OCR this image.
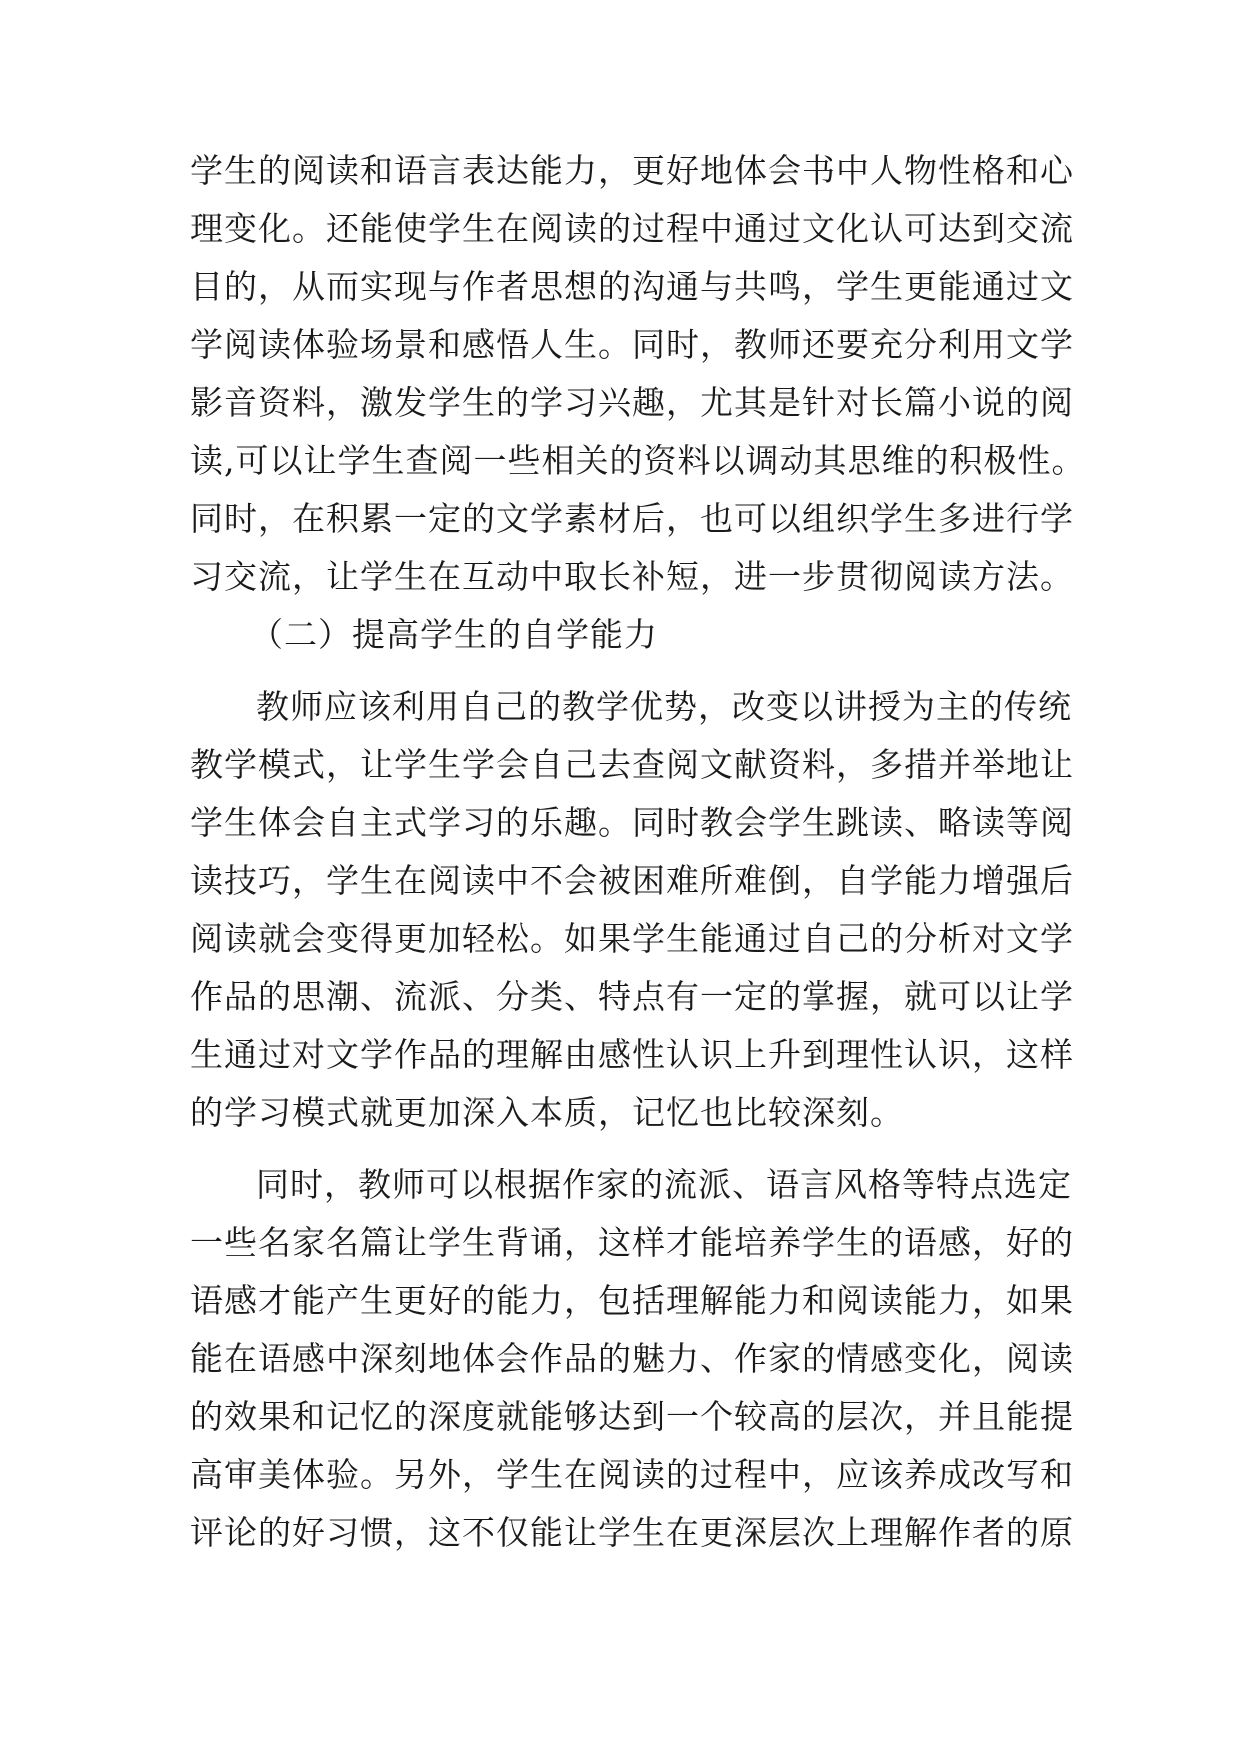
学生的阅读和语言表达能力，更好地体会书中人物性格和心
理变化。还能使学生在阅读的过程中通过文化认可达到交流
目的，从而实现与作者思想的沟通与共鸣，学生更能通过文
学阅读体验场景和感悟人生。同时，教师还要充分利用文学
影音资料，激发学生的学习兴趣，尤其是针对长篇小说的阅
读,可以让学生查阅一些相关的资料以调动其思维的积极性。
同时，在积累一定的文学素材后，也可以组织学生多进行学
习交流，让学生在互动中取长补短，进一步贯彻阅读方法。
（二）提高学生的自学能力
教师应该利用自己的教学优势，改变以讲授为主的传统
教学模式，让学生学会自己去查阅文献资料，多措并举地让
学生体会自主式学习的乐趣。同时教会学生跳读、略读等阅
读技巧，学生在阅读中不会被困难所难倒，自学能力增强后
阅读就会变得更加轻松。如果学生能通过自己的分析对文学
作品的思潮、流派、分类、特点有一定的掌握，就可以让学
生通过对文学作品的理解由感性认识上升到理性认识，这样
的学习模式就更加深入本质，记忆也比较深刻。
同时，教师可以根据作家的流派、语言风格等特点选定
一些名家名篇让学生背诵，这样才能培养学生的语感，好的
语感才能产生更好的能力，包括理解能力和阅读能力，如果
能在语感中深刻地体会作品的魅力、作家的情感变化，阅读
的效果和记忆的深度就能够达到一个较高的层次，并且能提
高审美体验。另外，学生在阅读的过程中，应该养成改写和
评论的好习惯，这不仅能让学生在更深层次上理解作者的原
